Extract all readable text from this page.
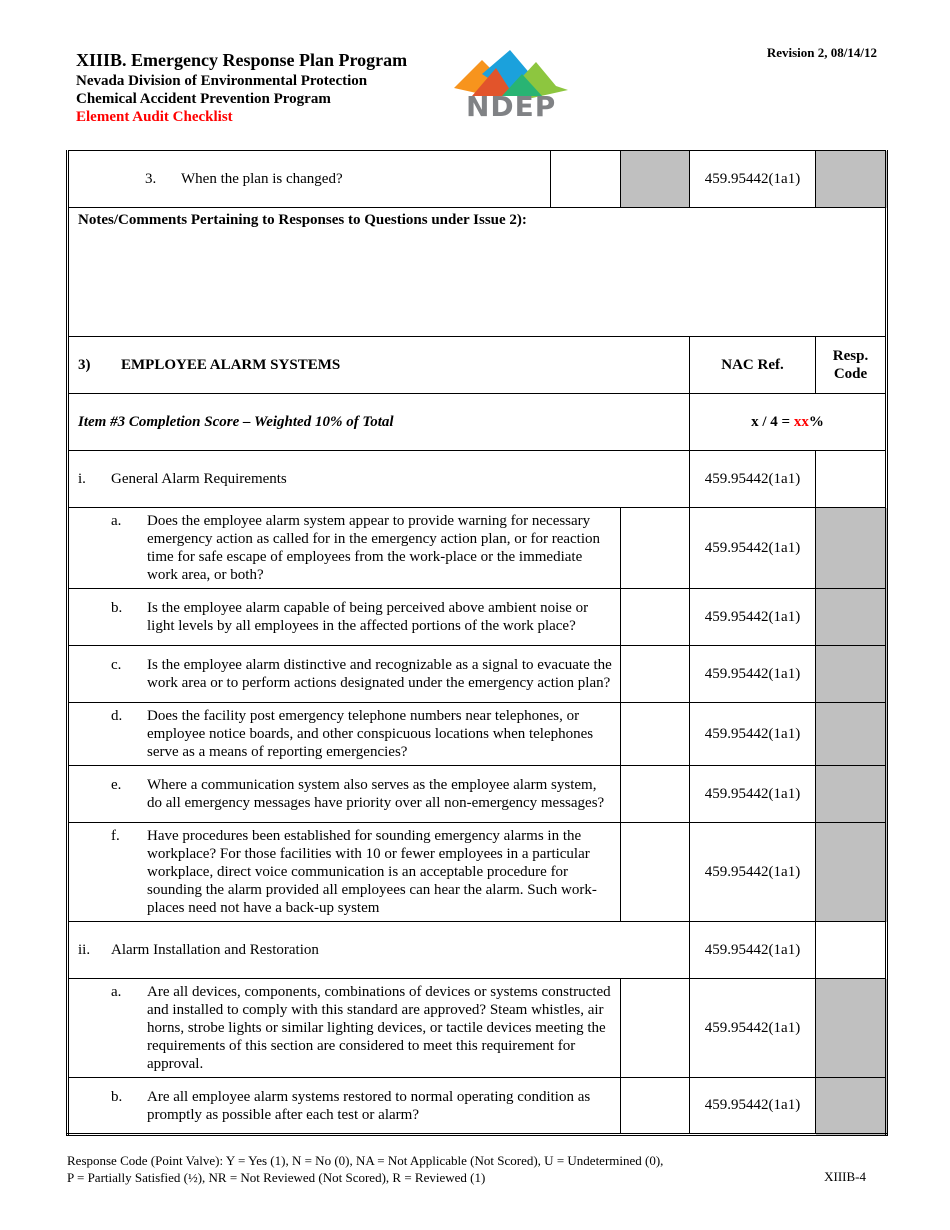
XIIIB. Emergency Response Plan Program
Nevada Division of Environmental Protection
Chemical Accident Prevention Program
Element Audit Checklist	NDEP
Revision 2, 08/14/12
3. When the plan is changed?			459.95442(1a1)	
Notes/Comments Pertaining to Responses to Questions under Issue 2):				

3) EMPLOYEE ALARM SYSTEMS			NAC Ref.	Resp. Code
Item #3 Completion Score – Weighted 10% of Total			x / 4 = xx%	

i. General Alarm Requirements			459.95442(1a1)	

a. Does the employee alarm system appear to provide warning for necessary emergency action as called for in the emergency action plan, or for reaction time for safe escape of employees from the work-place or the immediate work area, or both?			459.95442(1a1)	

b. Is the employee alarm capable of being perceived above ambient noise or light levels by all employees in the affected portions of the work place?			459.95442(1a1)	

c. Is the employee alarm distinctive and recognizable as a signal to evacuate the work area or to perform actions designated under the emergency action plan?			459.95442(1a1)	

d. Does the facility post emergency telephone numbers near telephones, or employee notice boards, and other conspicuous locations when telephones serve as a means of reporting emergencies?			459.95442(1a1)	

e. Where a communication system also serves as the employee alarm system, do all emergency messages have priority over all non-emergency messages?			459.95442(1a1)	

f. Have procedures been established for sounding emergency alarms in the workplace? For those facilities with 10 or fewer employees in a particular workplace, direct voice communication is an acceptable procedure for sounding the alarm provided all employees can hear the alarm. Such work-places need not have a back-up system			459.95442(1a1)	

ii. Alarm Installation and Restoration			459.95442(1a1)	

a. Are all devices, components, combinations of devices or systems constructed and installed to comply with this standard are approved? Steam whistles, air horns, strobe lights or similar lighting devices, or tactile devices meeting the requirements of this section are considered to meet this requirement for approval.			459.95442(1a1)	

b. Are all employee alarm systems restored to normal operating condition as promptly as possible after each test or alarm?			459.95442(1a1)	
Response Code (Point Valve): Y = Yes (1), N = No (0), NA = Not Applicable (Not Scored), U = Undetermined (0),
P = Partially Satisfied (½), NR = Not Reviewed (Not Scored), R = Reviewed (1)	XIIIB-4
